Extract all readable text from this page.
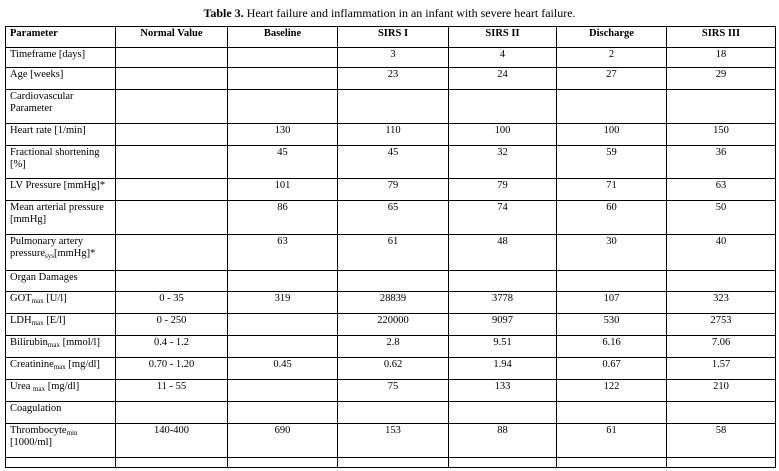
Table 3. Heart failure and inflammation in an infant with severe heart failure.
Parameter	Normal Value	Baseline	SIRS I	SIRS II	Discharge	SIRS III
Timeframe [days]			3	4	2	18
Age [weeks]			23	24	27	29
Cardiovascular Parameter						
Heart rate [1/min]		130	110	100	100	150
Fractional shortening [%]		45	45	32	59	36
LV Pressure [mmHg]*		101	79	79	71	63
Mean arterial pressure [mmHg]		86	65	74	60	50
Pulmonary artery pressure$_{sys}$[mmHg]*		63	61	48	30	40
Organ Damages						
$GOT_{max}$ [U/l]	0 - 35	319	28839	3778	107	323
$LDH_{max}$ [E/l]	0 - 250		220000	9097	530	2753
Bilirubin$_{max}$ [mmol/l]	0.4 - 1.2		2.8	9.51	6.16	7.06
Creatinine$_{max}$ [mg/dl]	0.70 - 1.20	0.45	0.62	1.94	0.67	1.57
Urea $_{max}$ [mg/dl]	11 - 55		75	133	122	210
Coagulation						
Thrombocyte$_{min}$ [1000/ml]	140-400	690	153	88	61	58
